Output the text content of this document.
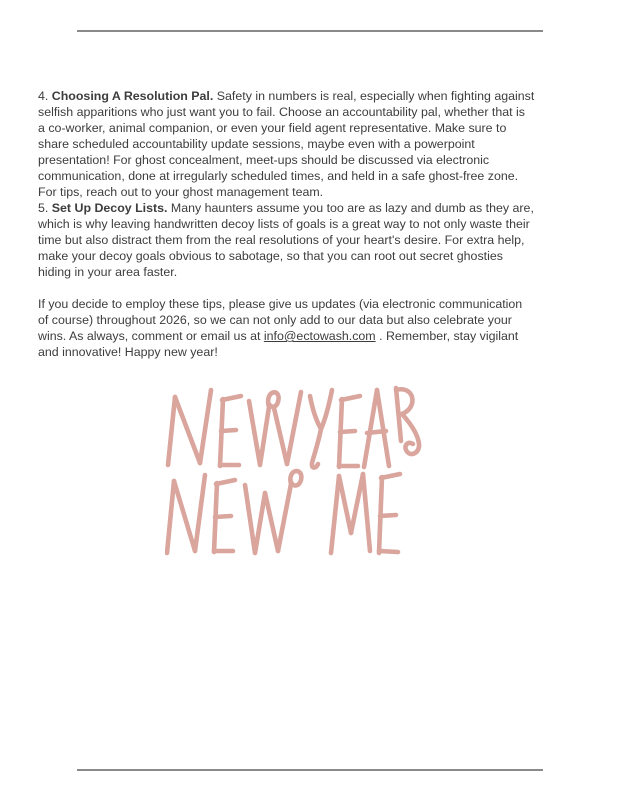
4. Choosing A Resolution Pal. Safety in numbers is real, especially when fighting against
selfish apparitions who just want you to fail. Choose an accountability pal, whether that is
a co-worker, animal companion, or even your field agent representative. Make sure to
share scheduled accountability update sessions, maybe even with a powerpoint
presentation! For ghost concealment, meet-ups should be discussed via electronic
communication, done at irregularly scheduled times, and held in a safe ghost-free zone.
For tips, reach out to your ghost management team.

5. Set Up Decoy Lists. Many haunters assume you too are as lazy and dumb as they are,
which is why leaving handwritten decoy lists of goals is a great way to not only waste their
time but also distract them from the real resolutions of your heart's desire. For extra help,
make your decoy goals obvious to sabotage, so that you can root out secret ghosties
hiding in your area faster.

If you decide to employ these tips, please give us updates (via electronic communication
of course) throughout 2026, so we can not only add to our data but also celebrate your
wins. As always, comment or email us at info@ectowash.com . Remember, stay vigilant
and innovative! Happy new year!
